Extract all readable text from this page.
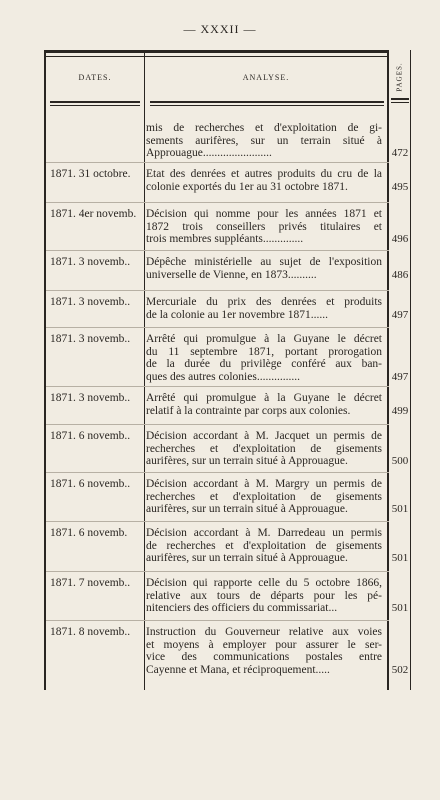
— XXXII —
DATES.	ANALYSE.	PAGES.
mis de recherches et d'exploitation de gi-
sements aurifères, sur un terrain situé à
Approuague........................	472
1871. 31 octobre.	Etat des denrées et autres produits du cru de la
colonie exportés du 1er au 31 octobre 1871.	495
1871. 4er novemb. Décision qui nomme pour les années 1871 et
1872 trois conseillers privés titulaires et
trois membres suppléants..............	496
1871. 3 novemb..	Dépêche ministérielle au sujet de l'exposition
universelle de Vienne, en 1873..........	486
1871. 3 novemb..	Mercuriale du prix des denrées et produits
de la colonie au 1er novembre 1871......	497
1871. 3 novemb..	Arrêté qui promulgue à la Guyane le décret
du 11 septembre 1871, portant prorogation
de la durée du privilège conféré aux ban-
ques des autres colonies...............	497
1871. 3 novemb..	Arrêté qui promulgue à la Guyane le décret
relatif à la contrainte par corps aux colonies.	499
1871. 6 novemb..	Décision accordant à M. Jacquet un permis de
recherches et d'exploitation de gisements
aurifères, sur un terrain situé à Approuague.	500
1871. 6 novemb..	Décision accordant à M. Margry un permis de
recherches et d'exploitation de gisements
aurifères, sur un terrain situé à Approuague.	501
1871. 6 novemb.	Décision accordant à M. Darredeau un permis
de recherches et d'exploitation de gisements
aurifères, sur un terrain situé à Approuague.	501
1871. 7 novemb..	Décision qui rapporte celle du 5 octobre 1866,
relative aux tours de départs pour les pé-
nitenciers des officiers du commissariat...	501
1871. 8 novemb..	Instruction du Gouverneur relative aux voies
et moyens à employer pour assurer le ser-
vice des communications postales entre
Cayenne et Mana, et réciproquement.....	502
